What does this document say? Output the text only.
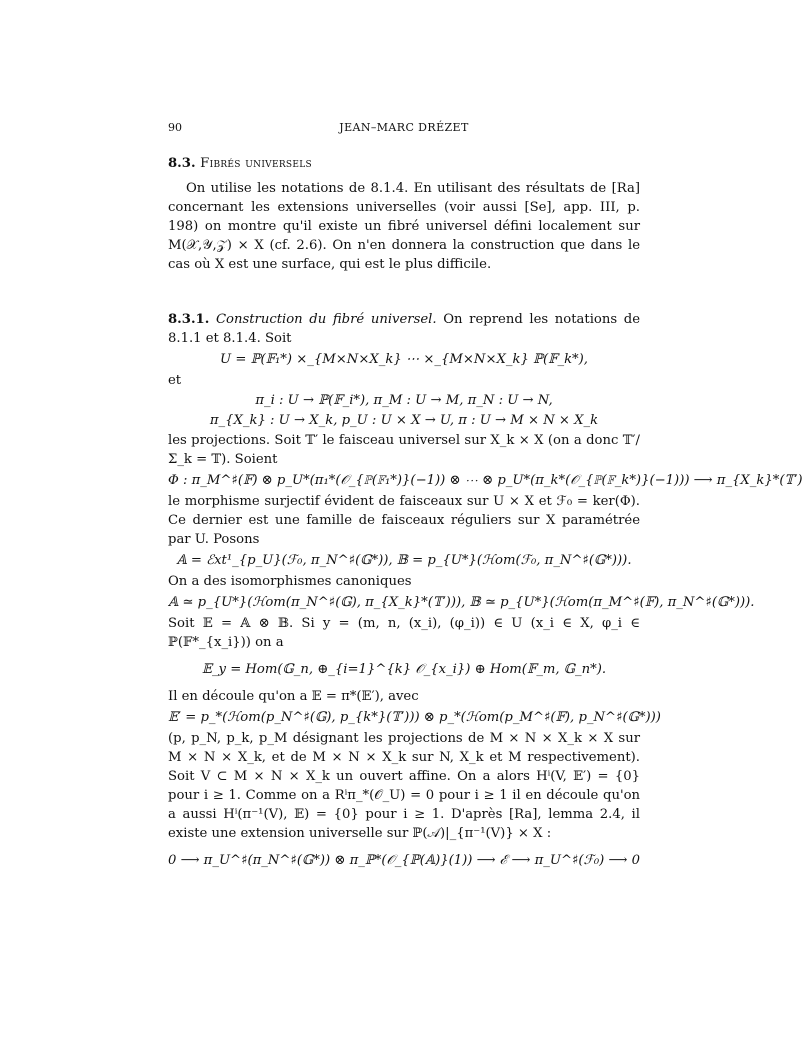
90	JEAN–MARC DRÉZET
8.3. Fibrés universels

On utilise les notations de 8.1.4. En utilisant des résultats de [Ra] concernant les extensions universelles (voir aussi [Se], app. III, p. 198) on montre qu'il existe un fibré universel défini localement sur M(𝒳,𝒴,𝒵) × X (cf. 2.6). On n'en donnera la construction que dans le cas où X est une surface, qui est le plus difficile.

8.3.1. Construction du fibré universel. On reprend les notations de 8.1.1 et 8.1.4. Soit

U = ℙ(𝔽₁*) ×_{M×N×X_k} ⋯ ×_{M×N×X_k} ℙ(𝔽_k*),

et

π_i : U → ℙ(𝔽_i*), π_M : U → M, π_N : U → N,
π_{X_k} : U → X_k, p_U : U × X → U, π : U → M × N × X_k

les projections. Soit 𝕋′ le faisceau universel sur X_k × X (on a donc 𝕋′/Σ_k = 𝕋). Soient

Φ : π_M^♯(𝔽) ⊗ p_U*(π₁*(𝒪_{ℙ(𝔽₁*)}(−1)) ⊗ ⋯ ⊗ p_U*(π_k*(𝒪_{ℙ(𝔽_k*)}(−1))) ⟶ π_{X_k}*(𝕋′)

le morphisme surjectif évident de faisceaux sur U × X et ℱ₀ = ker(Φ). Ce dernier est une famille de faisceaux réguliers sur X paramétrée par U. Posons

𝔸 = ℰxt¹_{p_U}(ℱ₀, π_N^♯(𝔾*)), 𝔹 = p_{U*}(ℋom(ℱ₀, π_N^♯(𝔾*))).

On a des isomorphismes canoniques

𝔸 ≃ p_{U*}(ℋom(π_N^♯(𝔾), π_{X_k}*(𝕋′))), 𝔹 ≃ p_{U*}(ℋom(π_M^♯(𝔽), π_N^♯(𝔾*))).

Soit 𝔼 = 𝔸 ⊗ 𝔹. Si y = (m, n, (x_i), (φ_i)) ∈ U (x_i ∈ X, φ_i ∈ ℙ(𝔽*_{x_i})) on a

𝔼_y = Hom(𝔾_n, ⊕_{i=1}^{k} 𝒪_{x_i}) ⊕ Hom(𝔽_m, 𝔾_n*).

Il en découle qu'on a 𝔼 = π*(𝔼′), avec

𝔼′ = p_*(ℋom(p_N^♯(𝔾), p_{k*}(𝕋′))) ⊗ p_*(ℋom(p_M^♯(𝔽), p_N^♯(𝔾*)))

(p, p_N, p_k, p_M désignant les projections de M × N × X_k × X sur M × N × X_k, et de M × N × X_k sur N, X_k et M respectivement). Soit V ⊂ M × N × X_k un ouvert affine. On a alors Hⁱ(V, 𝔼′) = {0} pour i ≥ 1. Comme on a Rⁱπ_*(𝒪_U) = 0 pour i ≥ 1 il en découle qu'on a aussi Hⁱ(π⁻¹(V), 𝔼) = {0} pour i ≥ 1. D'après [Ra], lemma 2.4, il existe une extension universelle sur ℙ(𝒜)|_{π⁻¹(V)} × X :

0 ⟶ π_U^♯(π_N^♯(𝔾*)) ⊗ π_ℙ*(𝒪_{ℙ(𝔸)}(1)) ⟶ ℰ ⟶ π_U^♯(ℱ₀) ⟶ 0
